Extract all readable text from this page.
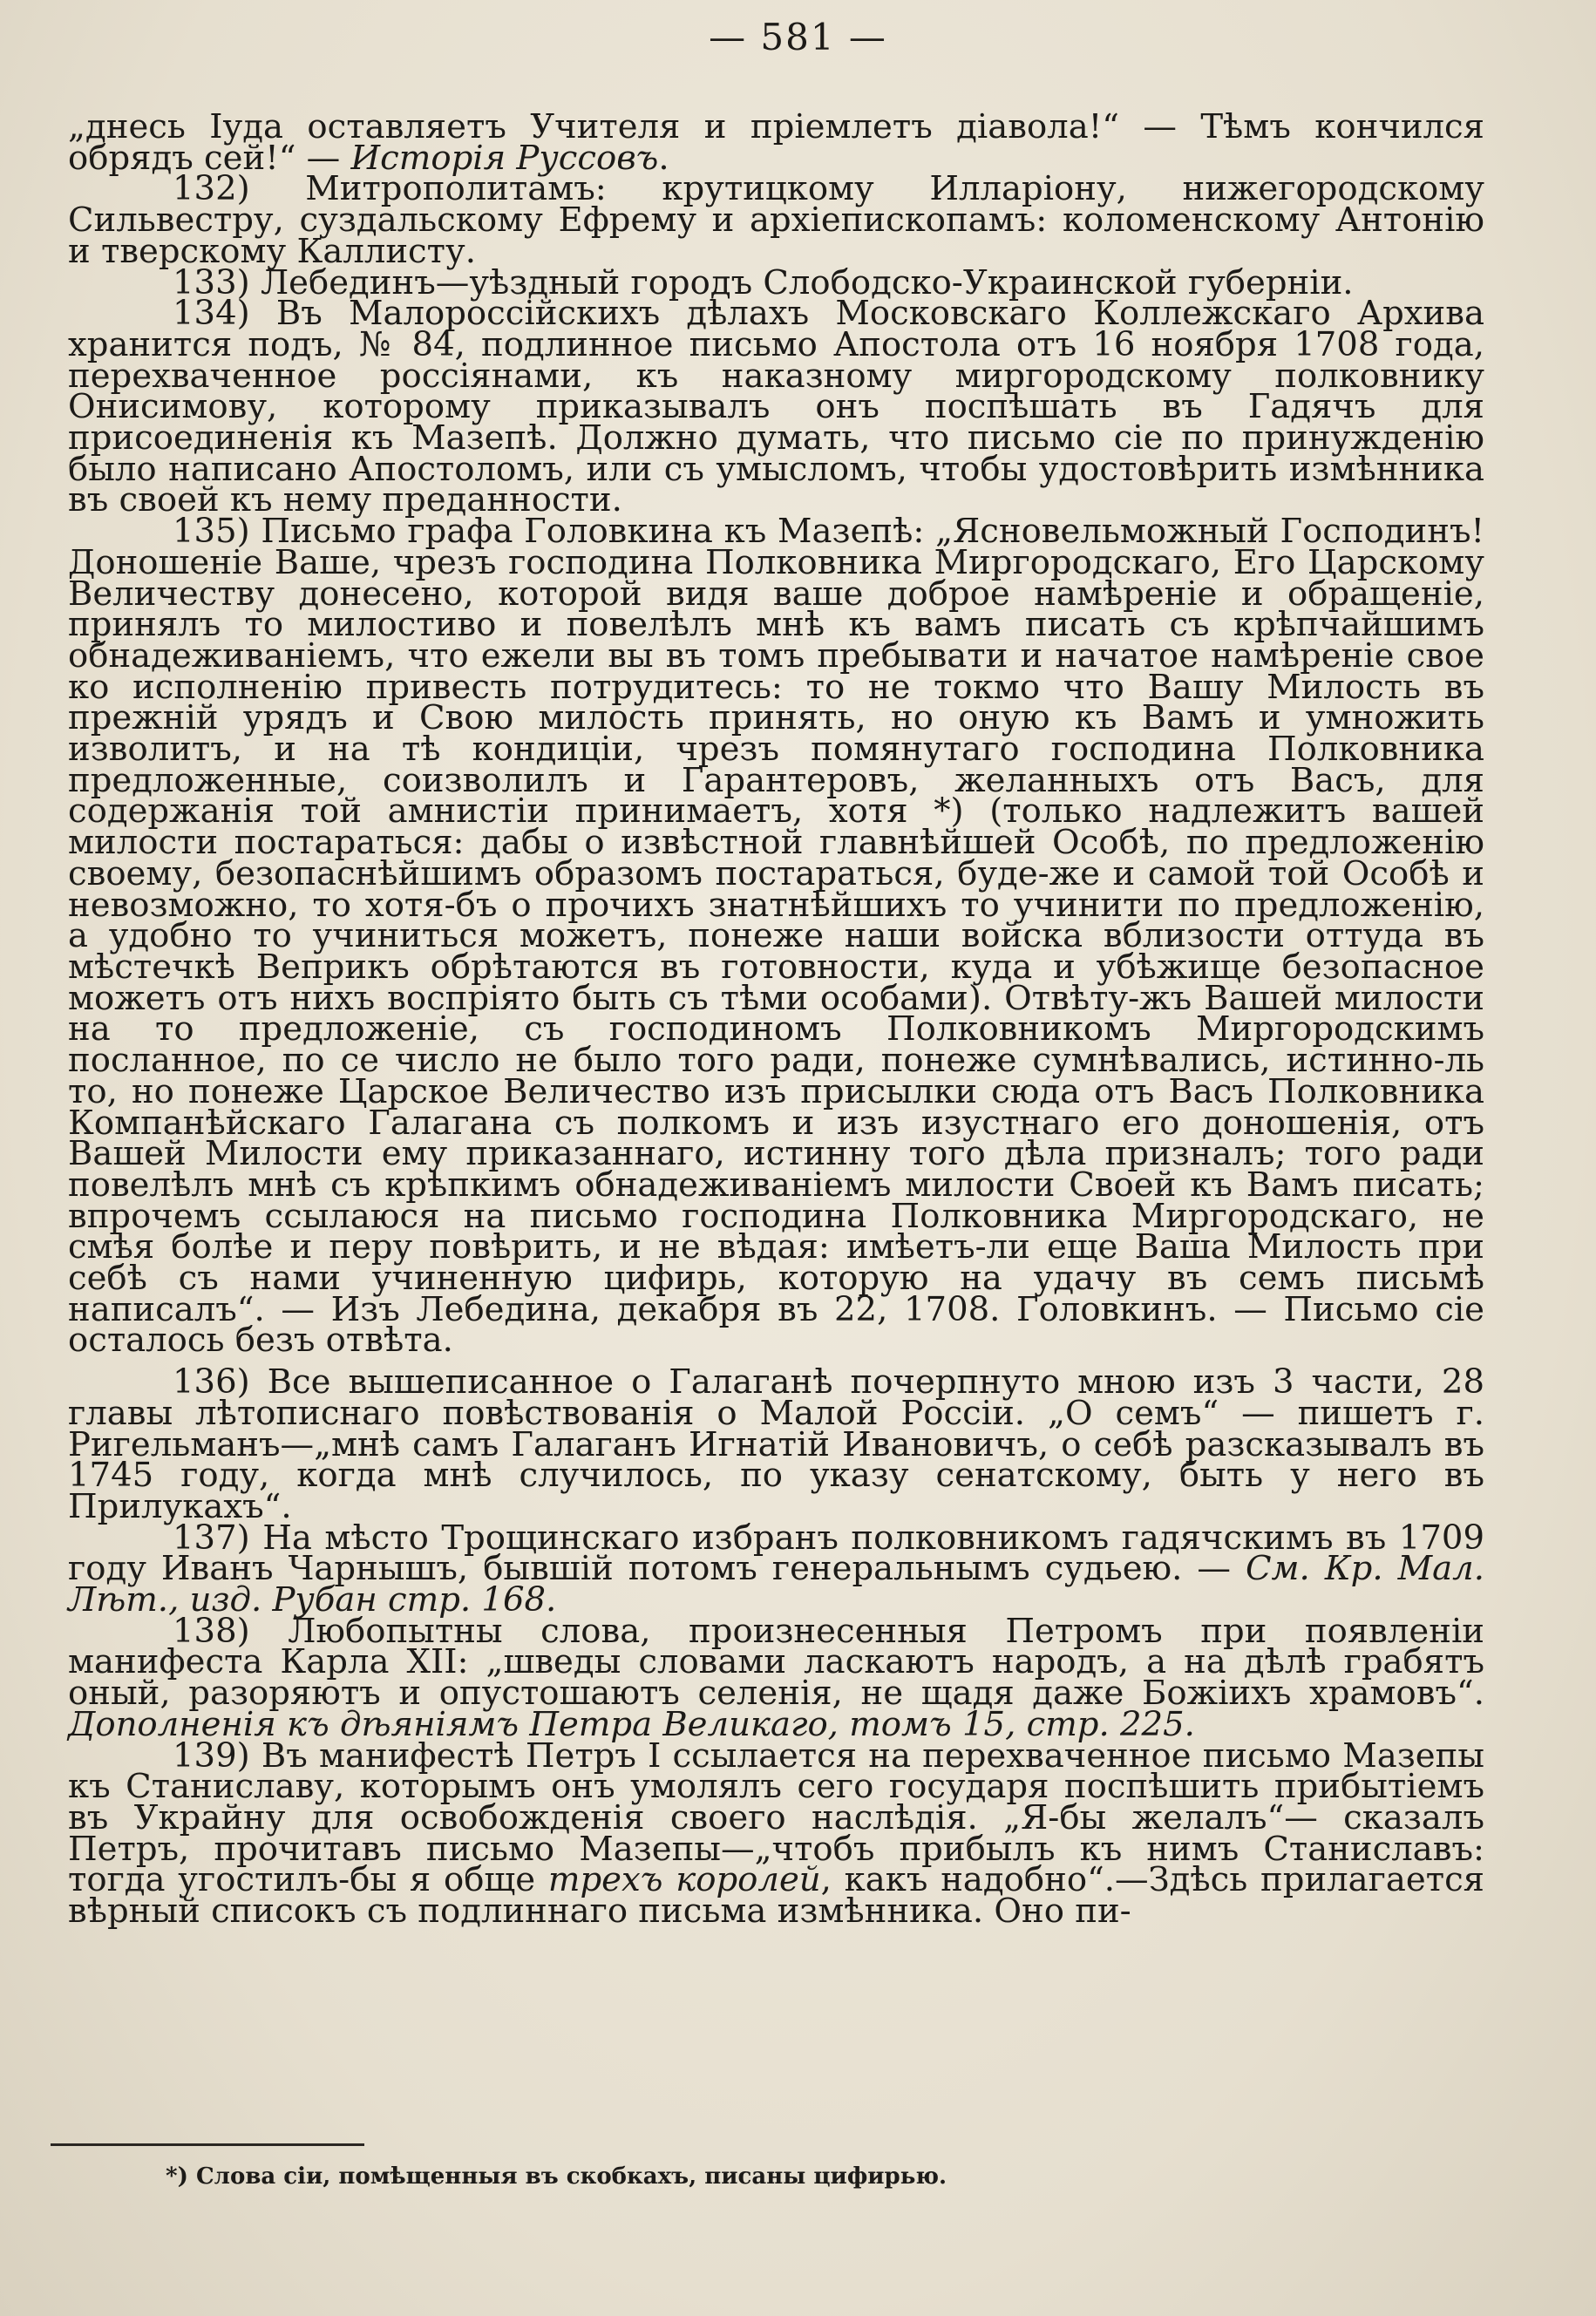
— 581 —

„днесь Іуда оставляетъ Учителя и пріемлетъ діавола!“ — Тѣмъ кончился обрядъ сей!“ — Исторія Руссовъ.

132) Митрополитамъ: крутицкому Илларіону, нижегородскому Сильвестру, суздальскому Ефрему и архіепископамъ: коломенскому Антонію и тверскому Каллисту.

133) Лебединъ—уѣздный городъ Слободско-Украинской губерніи.

134) Въ Малороссійскихъ дѣлахъ Московскаго Коллежскаго Архива хранится подъ, № 84, подлинное письмо Апостола отъ 16 ноября 1708 года, перехваченное россіянами, къ наказному миргородскому полковнику Онисимову, которому приказывалъ онъ поспѣшать въ Гадячъ для присоединенія къ Мазепѣ. Должно думать, что письмо сіе по принужденію было написано Апостоломъ, или съ умысломъ, чтобы удостовѣрить измѣнника въ своей къ нему преданности.

135) Письмо графа Головкина къ Мазепѣ: „Ясновельможный Господинъ! Доношеніе Ваше, чрезъ господина Полковника Миргородскаго, Его Царскому Величеству донесено, которой видя ваше доброе намѣреніе и обращеніе, принялъ то милостиво и повелѣлъ мнѣ къ вамъ писать съ крѣпчайшимъ обнадеживаніемъ, что ежели вы въ томъ пребывати и начатое намѣреніе свое ко исполненію привесть потрудитесь: то не токмо что Вашу Милость въ прежній урядъ и Свою милость принять, но оную къ Вамъ и умножить изволитъ, и на тѣ кондиціи, чрезъ помянутаго господина Полковника предложенные, соизволилъ и Гарантеровъ, желанныхъ отъ Васъ, для содержанія той амнистіи принимаетъ, хотя *) (только надлежитъ вашей милости постараться: дабы о извѣстной главнѣйшей Особѣ, по предложенію своему, безопаснѣйшимъ образомъ постараться, буде-же и самой той Особѣ и невозможно, то хотя-бъ о прочихъ знатнѣйшихъ то учинити по предложенію, а удобно то учиниться можетъ, понеже наши войска вблизости оттуда въ мѣстечкѣ Веприкъ обрѣтаются въ готовности, куда и убѣжище безопасное можетъ отъ нихъ воспріято быть съ тѣми особами). Отвѣту-жъ Вашей милости на то предложеніе, съ господиномъ Полковникомъ Миргородскимъ посланное, по се число не было того ради, понеже сумнѣвались, истинно-ль то, но понеже Царское Величество изъ присылки сюда отъ Васъ Полковника Компанѣйскаго Галагана съ полкомъ и изъ изустнаго его доношенія, отъ Вашей Милости ему приказаннаго, истинну того дѣла призналъ; того ради повелѣлъ мнѣ съ крѣпкимъ обнадеживаніемъ милости Своей къ Вамъ писать; впрочемъ ссылаюся на письмо господина Полковника Миргородскаго, не смѣя болѣе и перу повѣрить, и не вѣдая: имѣетъ-ли еще Ваша Милость при себѣ съ нами учиненную цифирь, которую на удачу въ семъ письмѣ написалъ“. — Изъ Лебедина, декабря въ 22, 1708. Головкинъ. — Письмо сіе осталось безъ отвѣта.

136) Все вышеписанное о Галаганѣ почерпнуто мною изъ 3 части, 28 главы лѣтописнаго повѣствованія о Малой Россіи. „О семъ“ — пишетъ г. Ригельманъ—„мнѣ самъ Галаганъ Игнатій Ивановичъ, о себѣ разсказывалъ въ 1745 году, когда мнѣ случилось, по указу сенатскому, быть у него въ Прилукахъ“.

137) На мѣсто Трощинскаго избранъ полковникомъ гадячскимъ въ 1709 году Иванъ Чарнышъ, бывшій потомъ генеральнымъ судьею. — См. Кр. Мал. Лѣт., изд. Рубан стр. 168.

138) Любопытны слова, произнесенныя Петромъ при появленіи манифеста Карла XII: „шведы словами ласкаютъ народъ, а на дѣлѣ грабятъ оный, разоряютъ и опустошаютъ селенія, не щадя даже Божіихъ храмовъ“. Дополненія къ дѣяніямъ Петра Великаго, томъ 15, стр. 225.

139) Въ манифестѣ Петръ I ссылается на перехваченное письмо Мазепы къ Станиславу, которымъ онъ умолялъ сего государя поспѣшить прибытіемъ въ Украйну для освобожденія своего наслѣдія. „Я-бы желалъ“— сказалъ Петръ, прочитавъ письмо Мазепы—„чтобъ прибылъ къ нимъ Станиславъ: тогда угостилъ-бы я обще трехъ королей, какъ надобно“.—Здѣсь прилагается вѣрный списокъ съ подлиннаго письма измѣнника. Оно пи-

*) Слова сіи, помѣщенныя въ скобкахъ, писаны цифирью.
